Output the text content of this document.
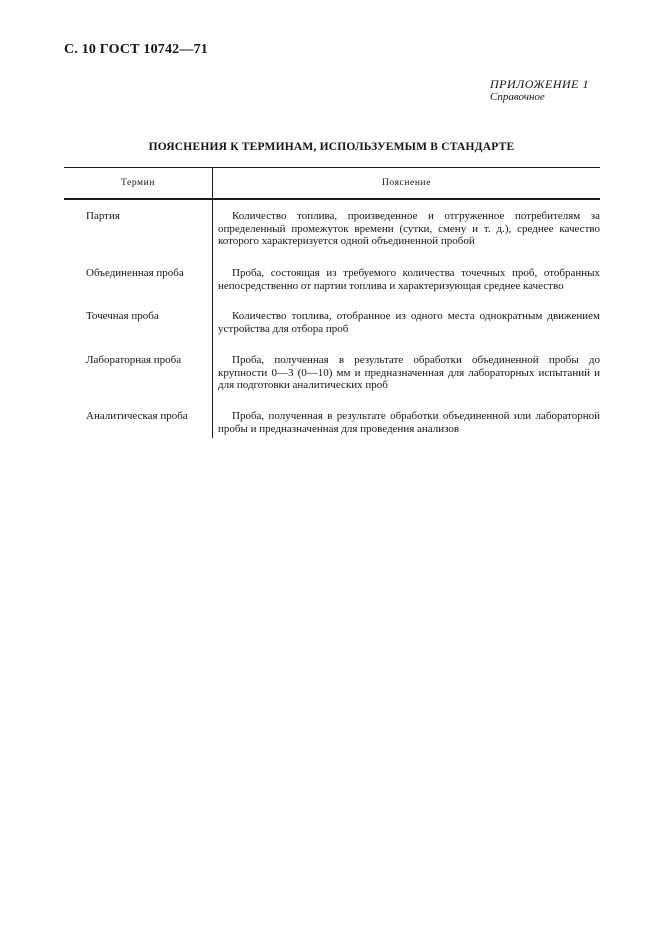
С. 10 ГОСТ 10742—71
ПРИЛОЖЕНИЕ 1
Справочное
ПОЯСНЕНИЯ К ТЕРМИНАМ, ИСПОЛЬЗУЕМЫМ В СТАНДАРТЕ
Термин	Пояснение
Партия	Количество топлива, произведенное и отгруженное потребителям за определенный промежуток времени (сутки, смену и т. д.), среднее качество которого характеризуется одной объединенной пробой
Объединенная проба	Проба, состоящая из требуемого количества точечных проб, отобранных непосредственно от партии топлива и характеризующая среднее качество
Точечная проба	Количество топлива, отобранное из одного места однократным движением устройства для отбора проб
Лабораторная проба	Проба, полученная в результате обработки объединенной пробы до крупности 0—3 (0—10) мм и предназначенная для лабораторных испытаний и для подготовки аналитических проб
Аналитическая проба	Проба, полученная в результате обработки объединенной или лабораторной пробы и предназначенная для проведения анализов
